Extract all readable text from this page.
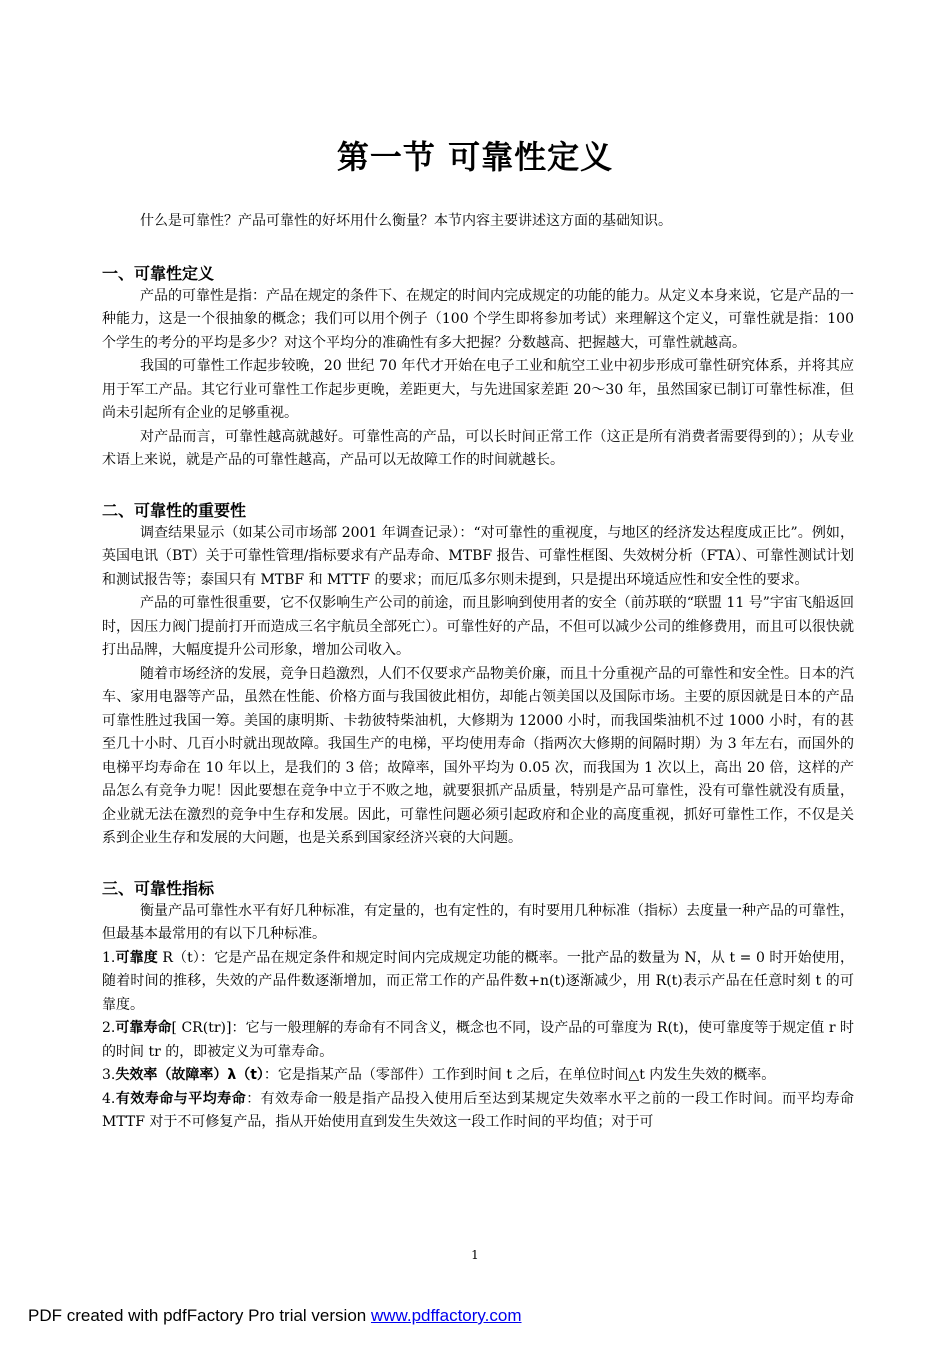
第一节 可靠性定义

什么是可靠性？产品可靠性的好坏用什么衡量？本节内容主要讲述这方面的基础知识。

一、可靠性定义

产品的可靠性是指：产品在规定的条件下、在规定的时间内完成规定的功能的能力。从定义本身来说，它是产品的一种能力，这是一个很抽象的概念；我们可以用个例子（100 个学生即将参加考试）来理解这个定义，可靠性就是指：100 个学生的考分的平均是多少？对这个平均分的准确性有多大把握？分数越高、把握越大，可靠性就越高。

我国的可靠性工作起步较晚，20 世纪 70 年代才开始在电子工业和航空工业中初步形成可靠性研究体系，并将其应用于军工产品。其它行业可靠性工作起步更晚，差距更大，与先进国家差距 20～30 年，虽然国家已制订可靠性标准，但尚未引起所有企业的足够重视。

对产品而言，可靠性越高就越好。可靠性高的产品，可以长时间正常工作（这正是所有消费者需要得到的）；从专业术语上来说，就是产品的可靠性越高，产品可以无故障工作的时间就越长。

二、可靠性的重要性

调查结果显示（如某公司市场部 2001 年调查记录）：“对可靠性的重视度，与地区的经济发达程度成正比”。例如，英国电讯（BT）关于可靠性管理/指标要求有产品寿命、MTBF 报告、可靠性框图、失效树分析（FTA）、可靠性测试计划和测试报告等；泰国只有 MTBF 和 MTTF 的要求；而厄瓜多尔则未提到，只是提出环境适应性和安全性的要求。

产品的可靠性很重要，它不仅影响生产公司的前途，而且影响到使用者的安全（前苏联的“联盟 11 号”宇宙飞船返回时，因压力阀门提前打开而造成三名宇航员全部死亡）。可靠性好的产品，不但可以减少公司的维修费用，而且可以很快就打出品牌，大幅度提升公司形象，增加公司收入。

随着市场经济的发展，竞争日趋激烈，人们不仅要求产品物美价廉，而且十分重视产品的可靠性和安全性。日本的汽车、家用电器等产品，虽然在性能、价格方面与我国彼此相仿，却能占领美国以及国际市场。主要的原因就是日本的产品可靠性胜过我国一筹。美国的康明斯、卡勃彼特柴油机，大修期为 12000 小时，而我国柴油机不过 1000 小时，有的甚至几十小时、几百小时就出现故障。我国生产的电梯，平均使用寿命（指两次大修期的间隔时期）为 3 年左右，而国外的电梯平均寿命在 10 年以上，是我们的 3 倍；故障率，国外平均为 0.05 次，而我国为 1 次以上，高出 20 倍，这样的产品怎么有竞争力呢！因此要想在竞争中立于不败之地，就要狠抓产品质量，特别是产品可靠性，没有可靠性就没有质量，企业就无法在激烈的竞争中生存和发展。因此，可靠性问题必须引起政府和企业的高度重视，抓好可靠性工作，不仅是关系到企业生存和发展的大问题，也是关系到国家经济兴衰的大问题。

三、可靠性指标

衡量产品可靠性水平有好几种标准，有定量的，也有定性的，有时要用几种标准（指标）去度量一种产品的可靠性，但最基本最常用的有以下几种标准。

1.可靠度 R（t）：它是产品在规定条件和规定时间内完成规定功能的概率。一批产品的数量为 N，从 t = 0 时开始使用，随着时间的推移，失效的产品件数逐渐增加，而正常工作的产品件数+n(t)逐渐减少，用 R(t)表示产品在任意时刻 t 的可靠度。

2.可靠寿命[ CR(tr)]：它与一般理解的寿命有不同含义，概念也不同，设产品的可靠度为 R(t)，使可靠度等于规定值 r 时的时间 tr 的，即被定义为可靠寿命。

3.失效率（故障率）λ（t）：它是指某产品（零部件）工作到时间 t 之后，在单位时间△t 内发生失效的概率。

4.有效寿命与平均寿命：有效寿命一般是指产品投入使用后至达到某规定失效率水平之前的一段工作时间。而平均寿命 MTTF 对于不可修复产品，指从开始使用直到发生失效这一段工作时间的平均值；对于可

1
PDF created with pdfFactory Pro trial version www.pdffactory.com
